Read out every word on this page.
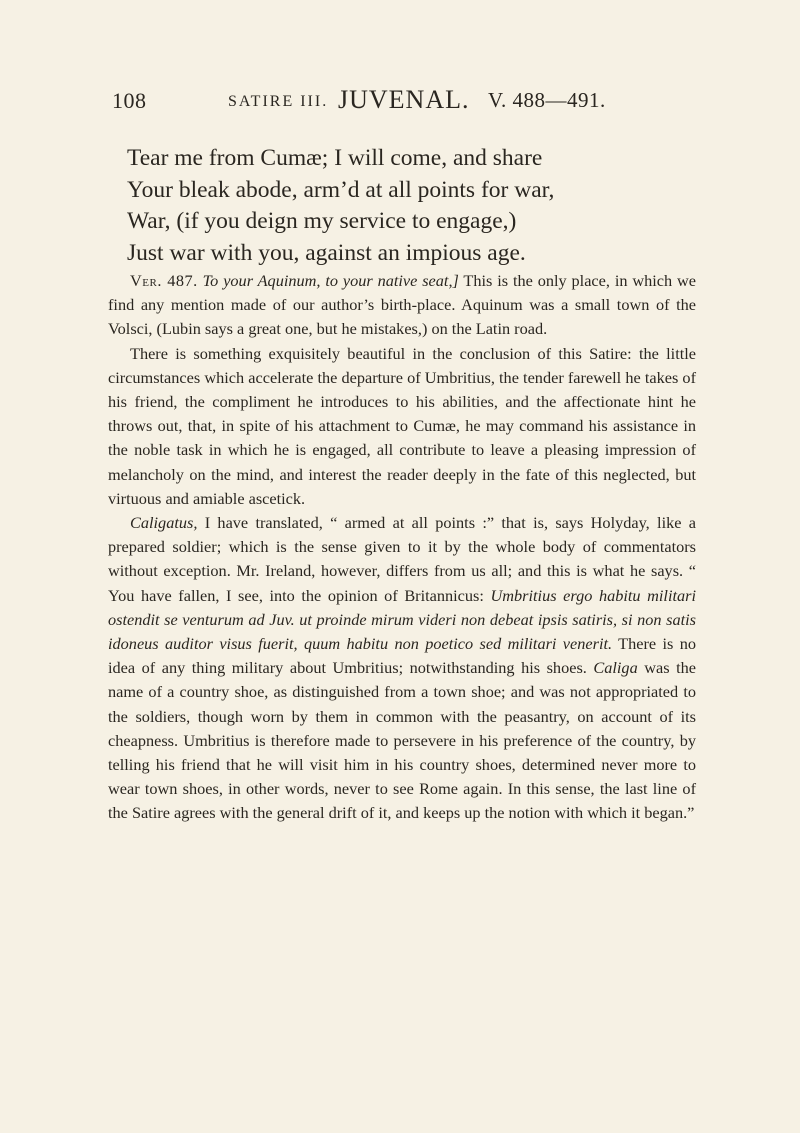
108	SATIRE III. JUVENAL. V. 488—491.
Tear me from Cumæ; I will come, and share
Your bleak abode, arm’d at all points for war,
War, (if you deign my service to engage,)
Just war with you, against an impious age.

Ver. 487. To your Aquinum, to your native seat,] This is the only place, in which we find any mention made of our author’s birth-place. Aquinum was a small town of the Volsci, (Lubin says a great one, but he mistakes,) on the Latin road.

There is something exquisitely beautiful in the conclusion of this Satire: the little circumstances which accelerate the departure of Umbritius, the tender farewell he takes of his friend, the compliment he introduces to his abilities, and the affectionate hint he throws out, that, in spite of his attachment to Cumæ, he may command his assistance in the noble task in which he is engaged, all contribute to leave a pleasing impression of melancholy on the mind, and interest the reader deeply in the fate of this neglected, but virtuous and amiable ascetick.

Caligatus, I have translated, “ armed at all points :” that is, says Holyday, like a prepared soldier; which is the sense given to it by the whole body of commentators without exception. Mr. Ireland, however, differs from us all; and this is what he says. “ You have fallen, I see, into the opinion of Britannicus: Umbritius ergo habitu militari ostendit se venturum ad Juv. ut proinde mirum videri non debeat ipsis satiris, si non satis idoneus auditor visus fuerit, quum habitu non poetico sed militari venerit. There is no idea of any thing military about Umbritius; notwithstanding his shoes. Caliga was the name of a country shoe, as distinguished from a town shoe; and was not appropriated to the soldiers, though worn by them in common with the peasantry, on account of its cheapness. Umbritius is therefore made to persevere in his preference of the country, by telling his friend that he will visit him in his country shoes, determined never more to wear town shoes, in other words, never to see Rome again. In this sense, the last line of the Satire agrees with the general drift of it, and keeps up the notion with which it began.”
